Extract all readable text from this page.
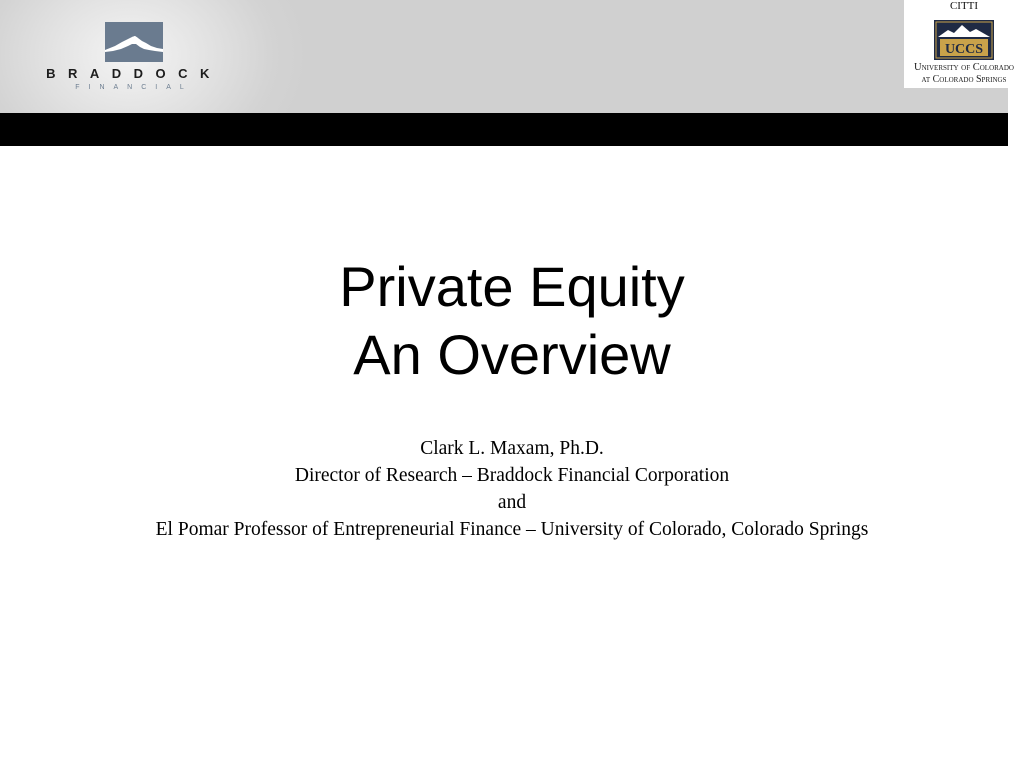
BRADDOCK
FINANCIAL
CITTI
UCCS
University of Colorado
at Colorado Springs
Private Equity
An Overview
Clark L. Maxam, Ph.D.
Director of Research – Braddock Financial Corporation
and
El Pomar Professor of Entrepreneurial Finance – University of Colorado, Colorado Springs
